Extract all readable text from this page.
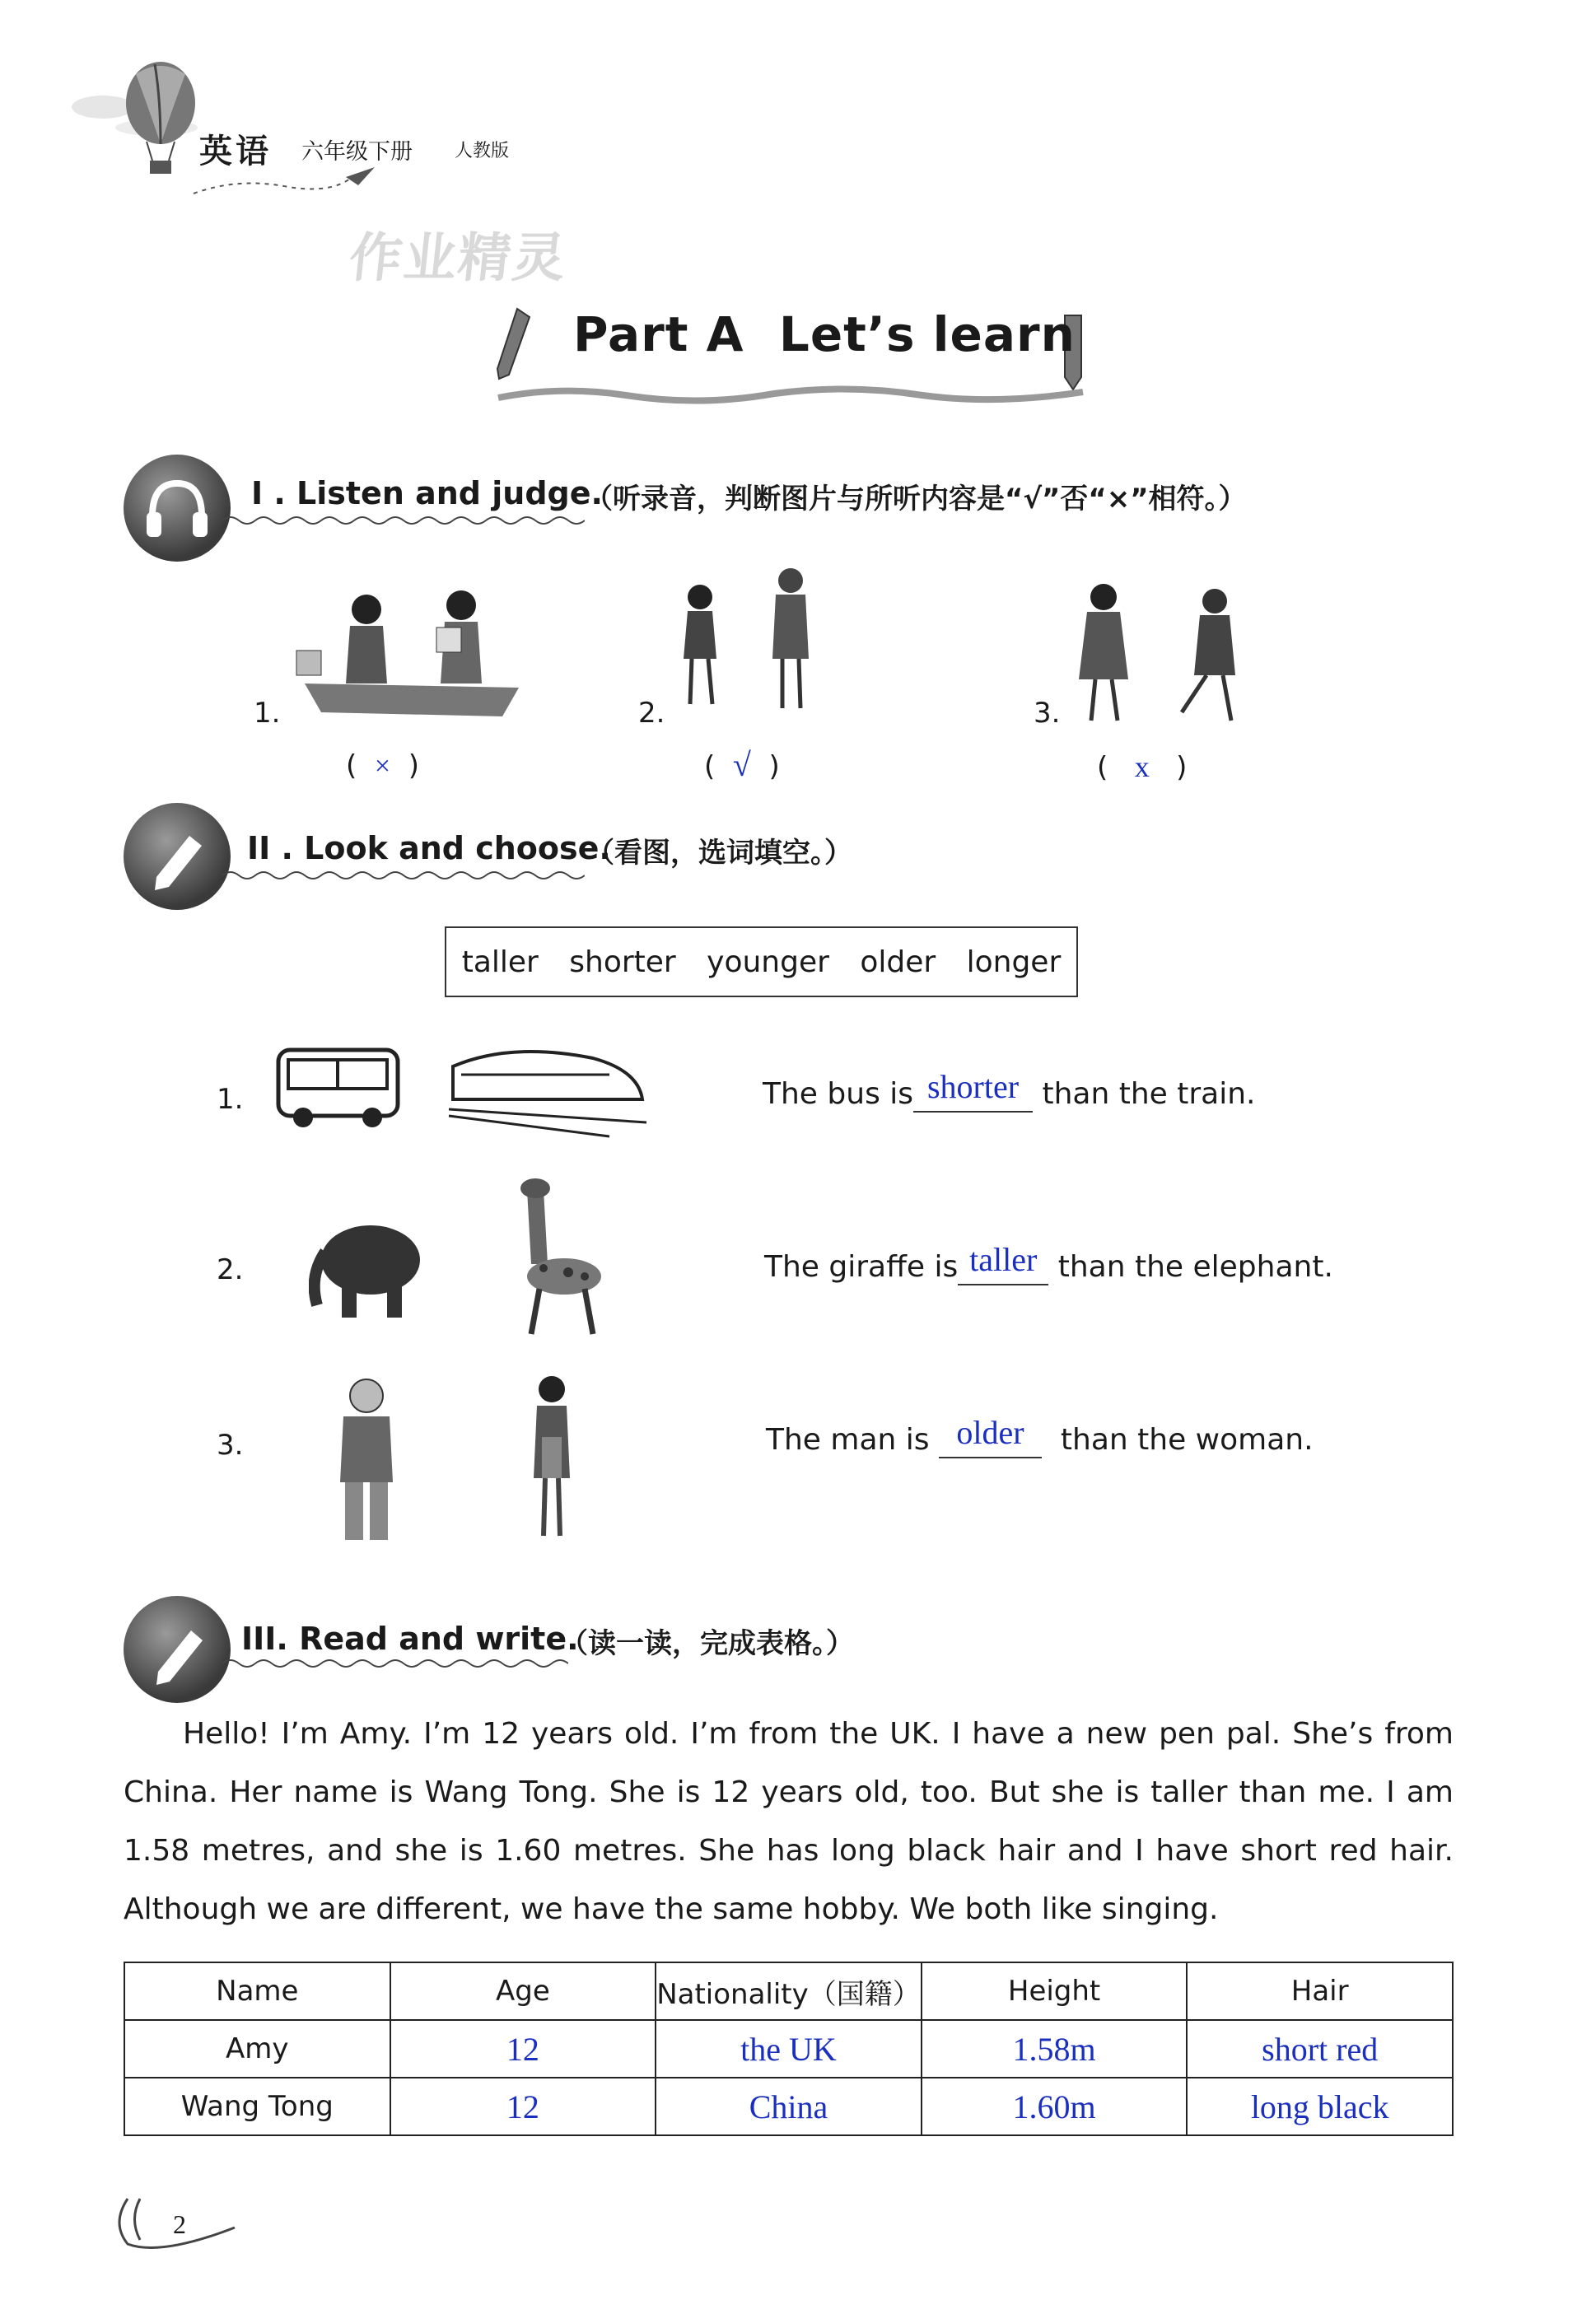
英语 六年级下册 人教版
作业精灵
Part A  Let’s learn
I . Listen and judge.
（听录音，判断图片与所听内容是“√”否“×”相符。）
1.
(  ×  )
2.
(  √  )
3.
(   x   )
II . Look and choose.
（看图，选词填空。）
taller shorter younger older longer
1.	The bus is shorter than the train.
2.	The giraffe is taller than the elephant.
3.	The man is older	than the woman.
III. Read and write.
（读一读，完成表格。）
Hello! I’m Amy. I’m 12 years old. I’m from the UK. I have a new pen pal. She’s from China. Her name is Wang Tong. She is 12 years old, too. But she is taller than me. I am 1.58 metres, and she is 1.60 metres. She has long black hair and I have short red hair. Although we are different, we have the same hobby. We both like singing.
Name	Age	Nationality（国籍）	Height	Hair
Amy	12	the UK	1.58m	short red
Wang Tong	12	China	1.60m	long black
2
